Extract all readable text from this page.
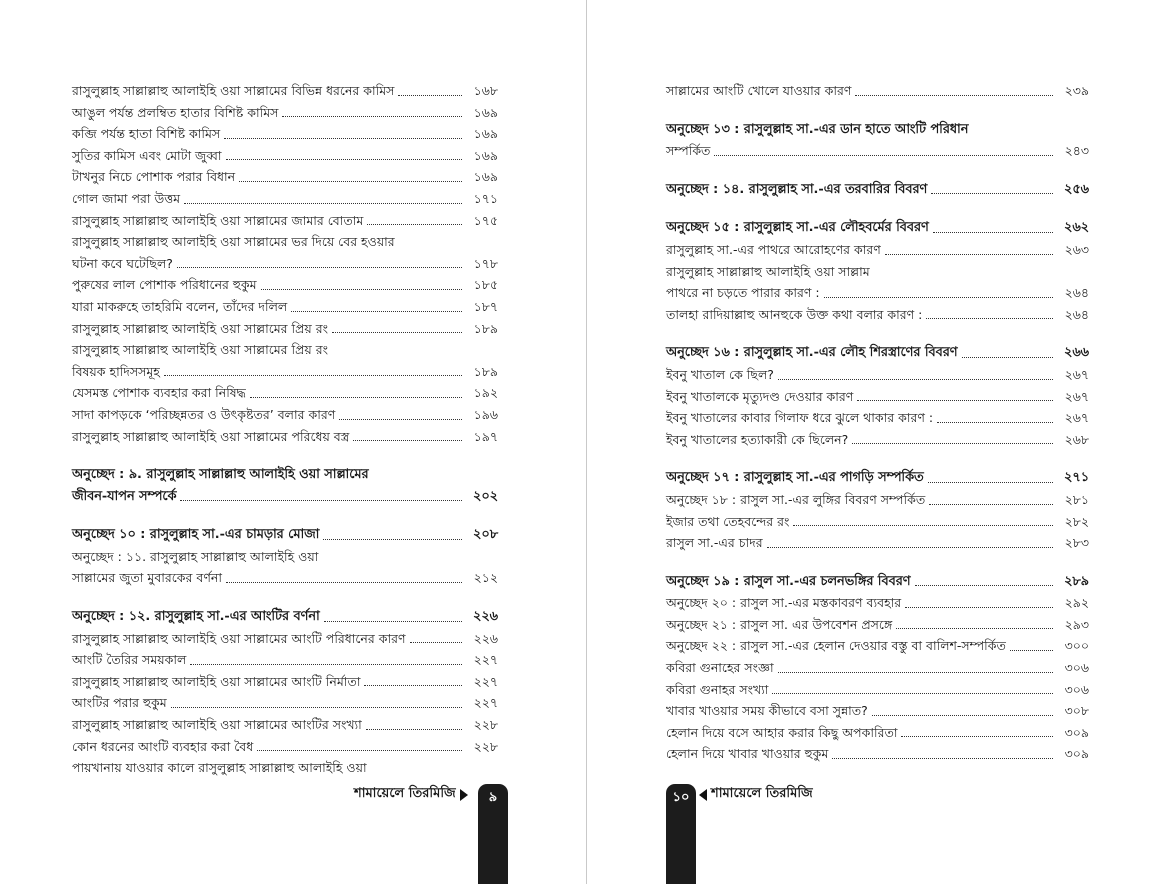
রাসুলুল্লাহ সাল্লাল্লাহু আলাইহি ওয়া সাল্লামের বিভিন্ন ধরনের কামিস	১৬৮
আঙুল পর্যন্ত প্রলম্বিত হাতার বিশিষ্ট কামিস	১৬৯
কব্জি পর্যন্ত হাতা বিশিষ্ট কামিস	১৬৯
সুতির কামিস এবং মোটা জুব্বা	১৬৯
টাখনুর নিচে পোশাক পরার বিধান	১৬৯
গোল জামা পরা উত্তম	১৭১
রাসুলুল্লাহ সাল্লাল্লাহু আলাইহি ওয়া সাল্লামের জামার বোতাম	১৭৫
রাসুলুল্লাহ সাল্লাল্লাহু আলাইহি ওয়া সাল্লামের ভর দিয়ে বের হওয়ার
ঘটনা কবে ঘটেছিল?	১৭৮
পুরুষের লাল পোশাক পরিধানের হুকুম	১৮৫
যারা মাকরুহে তাহরিমি বলেন, তাঁদের দলিল	১৮৭
রাসুলুল্লাহ সাল্লাল্লাহু আলাইহি ওয়া সাল্লামের প্রিয় রং	১৮৯
রাসুলুল্লাহ সাল্লাল্লাহু আলাইহি ওয়া সাল্লামের প্রিয় রং
বিষয়ক হাদিসসমূহ	১৮৯
যেসমস্ত পোশাক ব্যবহার করা নিষিদ্ধ	১৯২
সাদা কাপড়কে ‘পরিচ্ছন্নতর ও উৎকৃষ্টতর’ বলার কারণ	১৯৬
রাসুলুল্লাহ সাল্লাল্লাহু আলাইহি ওয়া সাল্লামের পরিধেয় বস্ত্র	১৯৭
অনুচ্ছেদ : ৯. রাসুলুল্লাহ সাল্লাল্লাহু আলাইহি ওয়া সাল্লামের
জীবন-যাপন সম্পর্কে	২০২
অনুচ্ছেদ ১০ : রাসুলুল্লাহ সা.-এর চামড়ার মোজা	২০৮
অনুচ্ছেদ : ১১. রাসুলুল্লাহ সাল্লাল্লাহু আলাইহি ওয়া
সাল্লামের জুতা মুবারকের বর্ণনা	২১২
অনুচ্ছেদ : ১২. রাসুলুল্লাহ সা.-এর আংটির বর্ণনা	২২৬
রাসুলুল্লাহ সাল্লাল্লাহু আলাইহি ওয়া সাল্লামের আংটি পরিধানের কারণ	২২৬
আংটি তৈরির সময়কাল	২২৭
রাসুলুল্লাহ সাল্লাল্লাহু আলাইহি ওয়া সাল্লামের আংটি নির্মাতা	২২৭
আংটির পরার হুকুম	২২৭
রাসুলুল্লাহ সাল্লাল্লাহু আলাইহি ওয়া সাল্লামের আংটির সংখ্যা	২২৮
কোন ধরনের আংটি ব্যবহার করা বৈধ	২২৮
পায়খানায় যাওয়ার কালে রাসুলুল্লাহ সাল্লাল্লাহু আলাইহি ওয়া
শামায়েলে তিরমিজি	৯
সাল্লামের আংটি খোলে যাওয়ার কারণ	২৩৯
অনুচ্ছেদ ১৩ : রাসুলুল্লাহ সা.-এর ডান হাতে আংটি পরিধান
সম্পর্কিত	২৪৩
অনুচ্ছেদ : ১৪. রাসুলুল্লাহ সা.-এর তরবারির বিবরণ	২৫৬
অনুচ্ছেদ ১৫ : রাসুলুল্লাহ সা.-এর লৌহবর্মের বিবরণ	২৬২
রাসুলুল্লাহ সা.-এর পাথরে আরোহণের কারণ	২৬৩
রাসুলুল্লাহ সাল্লাল্লাহু আলাইহি ওয়া সাল্লাম
পাথরে না চড়তে পারার কারণ :	২৬৪
তালহা রাদিয়াল্লাহু আনহুকে উক্ত কথা বলার কারণ :	২৬৪
অনুচ্ছেদ ১৬ : রাসুলুল্লাহ সা.-এর লৌহ শিরস্ত্রাণের বিবরণ	২৬৬
ইবনু খাতাল কে ছিল?	২৬৭
ইবনু খাতালকে মৃত্যুদণ্ড দেওয়ার কারণ	২৬৭
ইবনু খাতালের কাবার গিলাফ ধরে ঝুলে থাকার কারণ :	২৬৭
ইবনু খাতালের হত্যাকারী কে ছিলেন?	২৬৮
অনুচ্ছেদ ১৭ : রাসুলুল্লাহ সা.-এর পাগড়ি সম্পর্কিত	২৭১
অনুচ্ছেদ ১৮ : রাসুল সা.-এর লুঙ্গির বিবরণ সম্পর্কিত	২৮১
ইজার তথা তেহবন্দের রং	২৮২
রাসুল সা.-এর চাদর	২৮৩
অনুচ্ছেদ ১৯ : রাসুল সা.-এর চলনভঙ্গির বিবরণ	২৮৯
অনুচ্ছেদ ২০ : রাসুল সা.-এর মস্তকাবরণ ব্যবহার	২৯২
অনুচ্ছেদ ২১ : রাসুল সা. এর উপবেশন প্রসঙ্গে	২৯৩
অনুচ্ছেদ ২২ : রাসুল সা.-এর হেলান দেওয়ার বস্তু বা বালিশ-সম্পর্কিত	৩০০
কবিরা গুনাহের সংজ্ঞা	৩০৬
কবিরা গুনাহর সংখ্যা	৩০৬
খাবার খাওয়ার সময় কীভাবে বসা সুন্নাত?	৩০৮
হেলান দিয়ে বসে আহার করার কিছু অপকারিতা	৩০৯
হেলান দিয়ে খাবার খাওয়ার হুকুম	৩০৯
১০	শামায়েলে তিরমিজি
